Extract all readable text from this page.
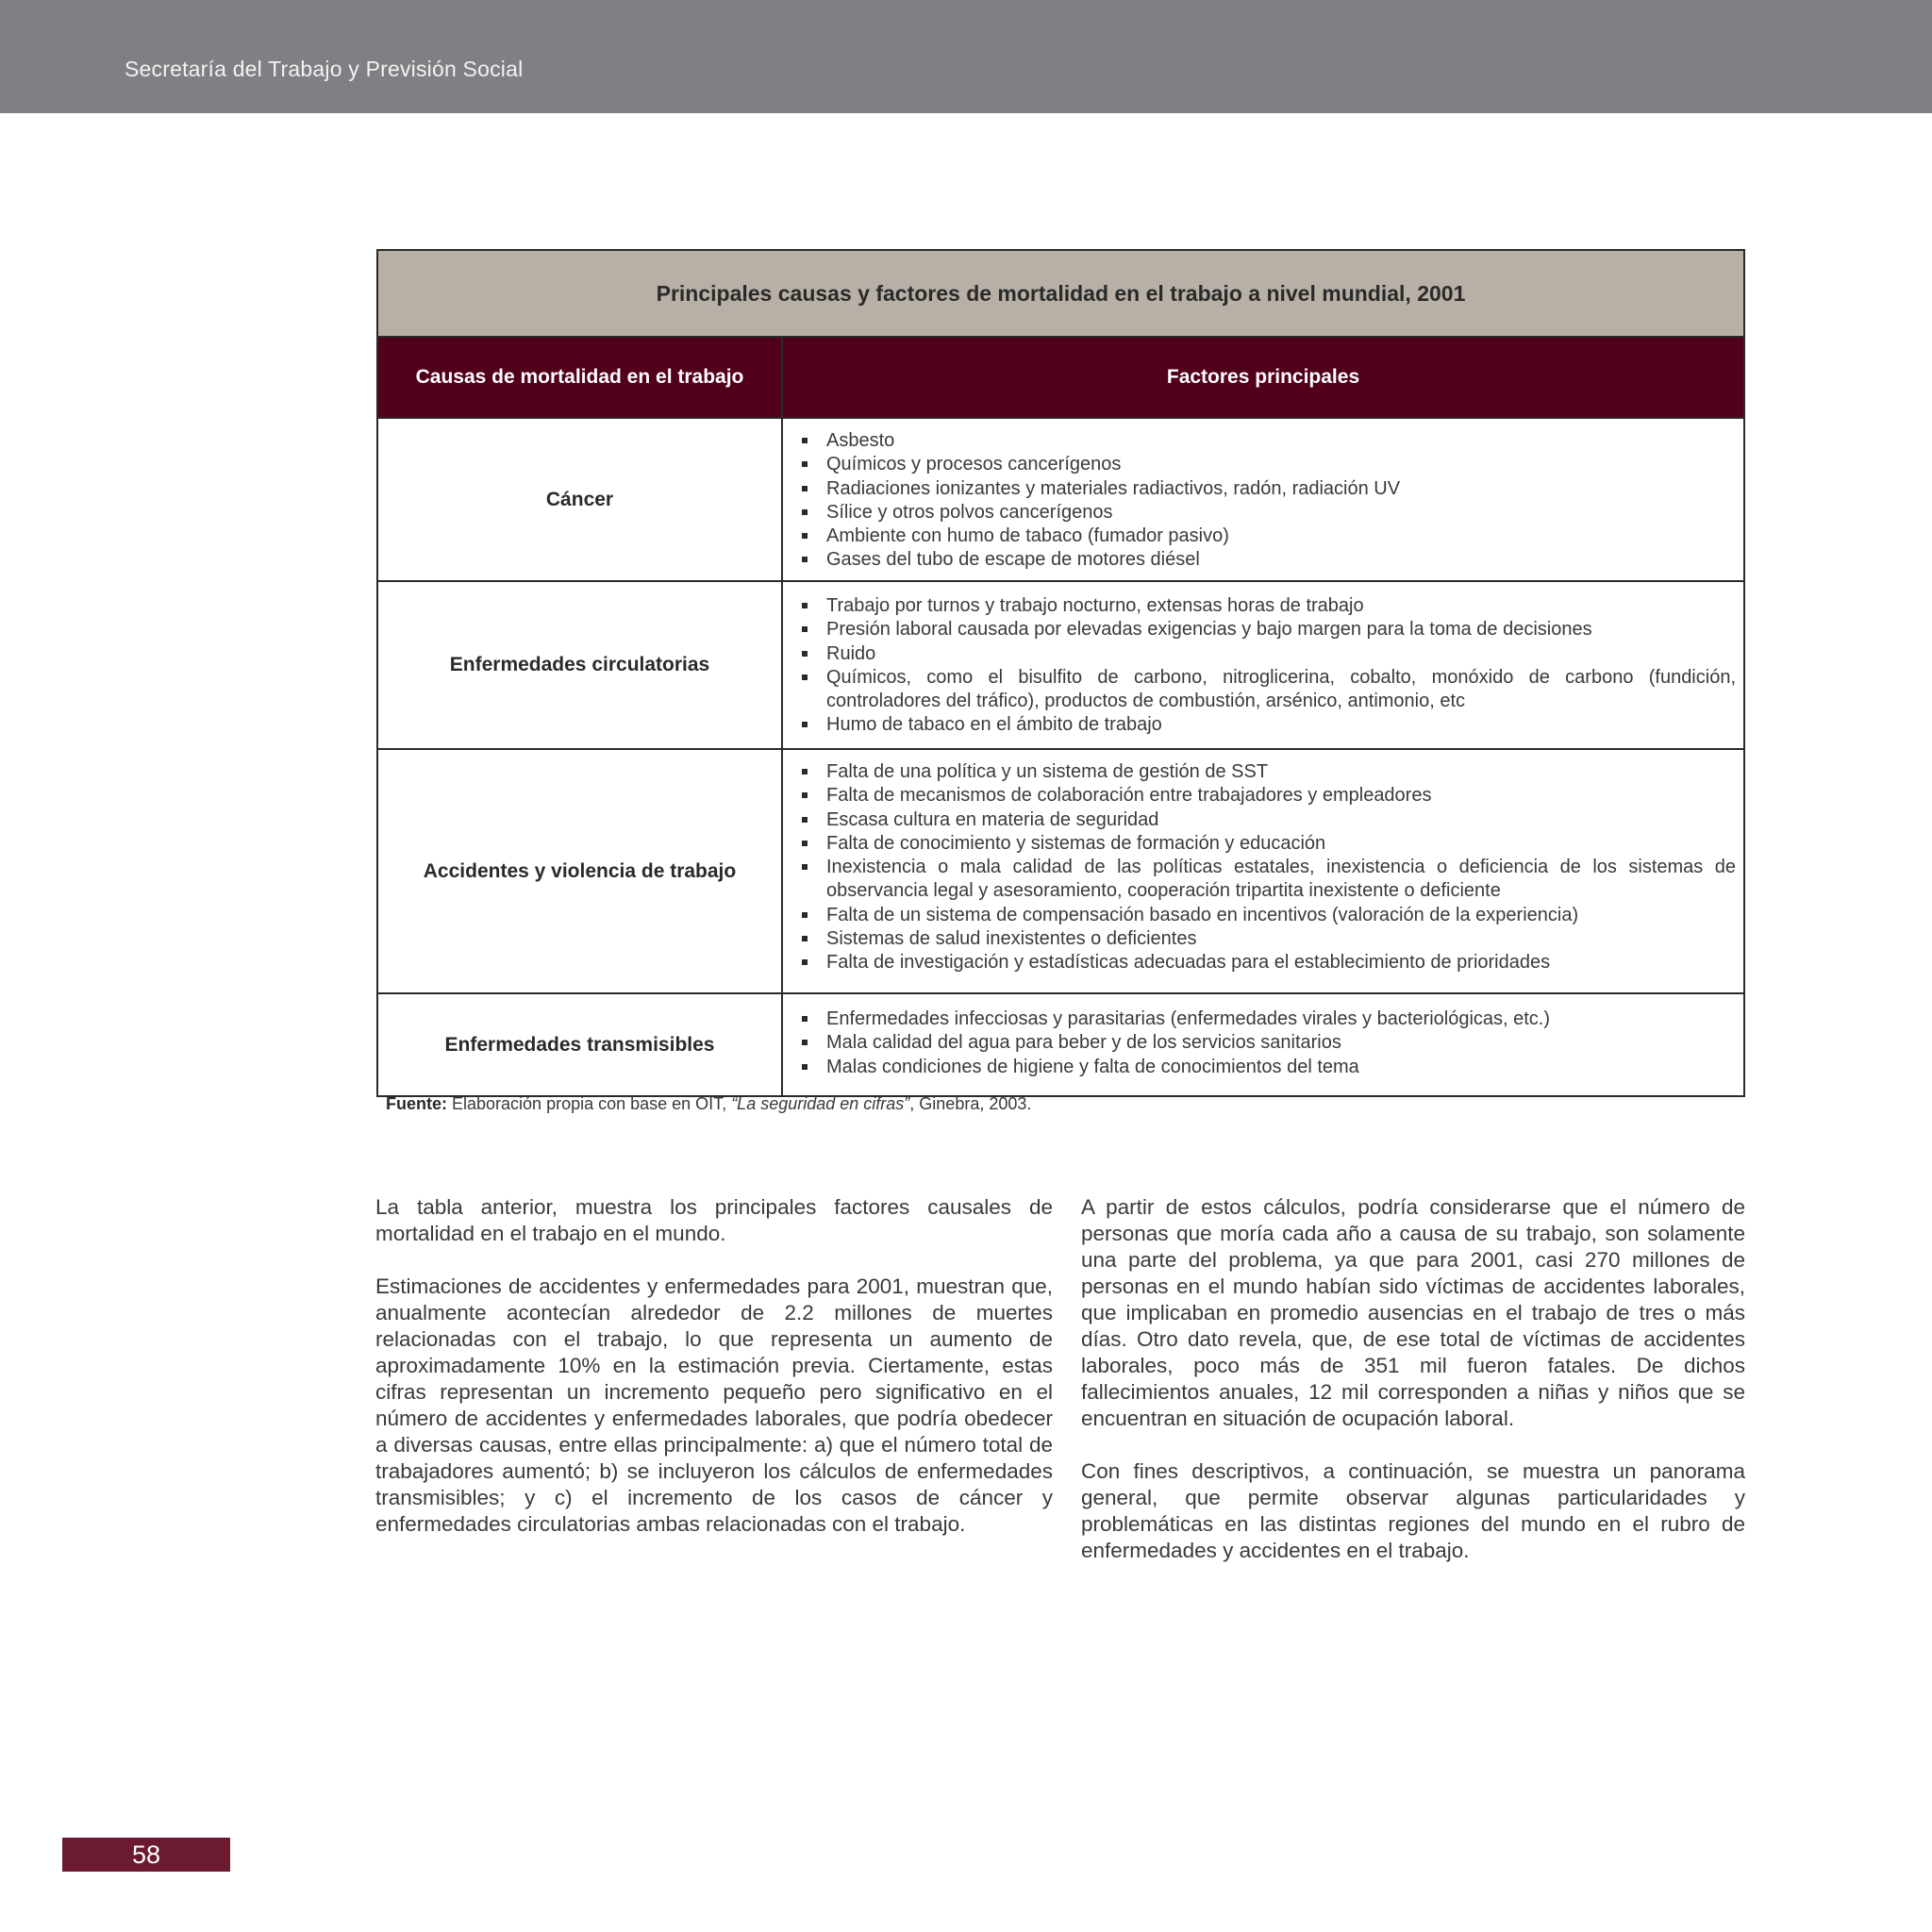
Secretaría del Trabajo y Previsión Social
Principales causas y factores de mortalidad en el trabajo a nivel mundial, 2001
Causas de mortalidad en el trabajo	Factores principales
Cáncer
Asbesto
Químicos y procesos cancerígenos
Radiaciones ionizantes y materiales radiactivos, radón, radiación UV
Sílice y otros polvos cancerígenos
Ambiente con humo de tabaco (fumador pasivo)
Gases del tubo de escape de motores diésel
Enfermedades circulatorias
Trabajo por turnos y trabajo nocturno, extensas horas de trabajo
Presión laboral causada por elevadas exigencias y bajo margen para la toma de decisiones
Ruido
Químicos, como el bisulfito de carbono, nitroglicerina, cobalto, monóxido de carbono (fundición, controladores del tráfico), productos de combustión, arsénico, antimonio, etc
Humo de tabaco en el ámbito de trabajo
Accidentes y violencia de trabajo
Falta de una política y un sistema de gestión de SST
Falta de mecanismos de colaboración entre trabajadores y empleadores
Escasa cultura en materia de seguridad
Falta de conocimiento y sistemas de formación y educación
Inexistencia o mala calidad de las políticas estatales, inexistencia o deficiencia de los sistemas de observancia legal y asesoramiento, cooperación tripartita inexistente o deficiente
Falta de un sistema de compensación basado en incentivos (valoración de la experiencia)
Sistemas de salud inexistentes o deficientes
Falta de investigación y estadísticas adecuadas para el establecimiento de prioridades
Enfermedades transmisibles
Enfermedades infecciosas y parasitarias (enfermedades virales y bacteriológicas, etc.)
Mala calidad del agua para beber y de los servicios sanitarios
Malas condiciones de higiene y falta de conocimientos del tema
Fuente: Elaboración propia con base en OIT, “La seguridad en cifras”, Ginebra, 2003.

La tabla anterior, muestra los principales factores causales de mortalidad en el trabajo en el mundo.

Estimaciones de accidentes y enfermedades para 2001, muestran que, anualmente acontecían alrededor de 2.2 millones de muertes relacionadas con el trabajo, lo que representa un aumento de aproximadamente 10% en la estimación previa. Ciertamente, estas cifras representan un incremento pequeño pero significativo en el número de accidentes y enfermedades laborales, que podría obedecer a diversas causas, entre ellas principalmente: a) que el número total de trabajadores aumentó; b) se incluyeron los cálculos de enfermedades transmisibles; y c) el incremento de los casos de cáncer y enfermedades circulatorias ambas relacionadas con el trabajo.

A partir de estos cálculos, podría considerarse que el número de personas que moría cada año a causa de su trabajo, son solamente una parte del problema, ya que para 2001, casi 270 millones de personas en el mundo habían sido víctimas de accidentes laborales, que implicaban en promedio ausencias en el trabajo de tres o más días. Otro dato revela, que, de ese total de víctimas de accidentes laborales, poco más de 351 mil fueron fatales. De dichos fallecimientos anuales, 12 mil corresponden a niñas y niños que se encuentran en situación de ocupación laboral.

Con fines descriptivos, a continuación, se muestra un panorama general, que permite observar algunas particularidades y problemáticas en las distintas regiones del mundo en el rubro de enfermedades y accidentes en el trabajo.

58
